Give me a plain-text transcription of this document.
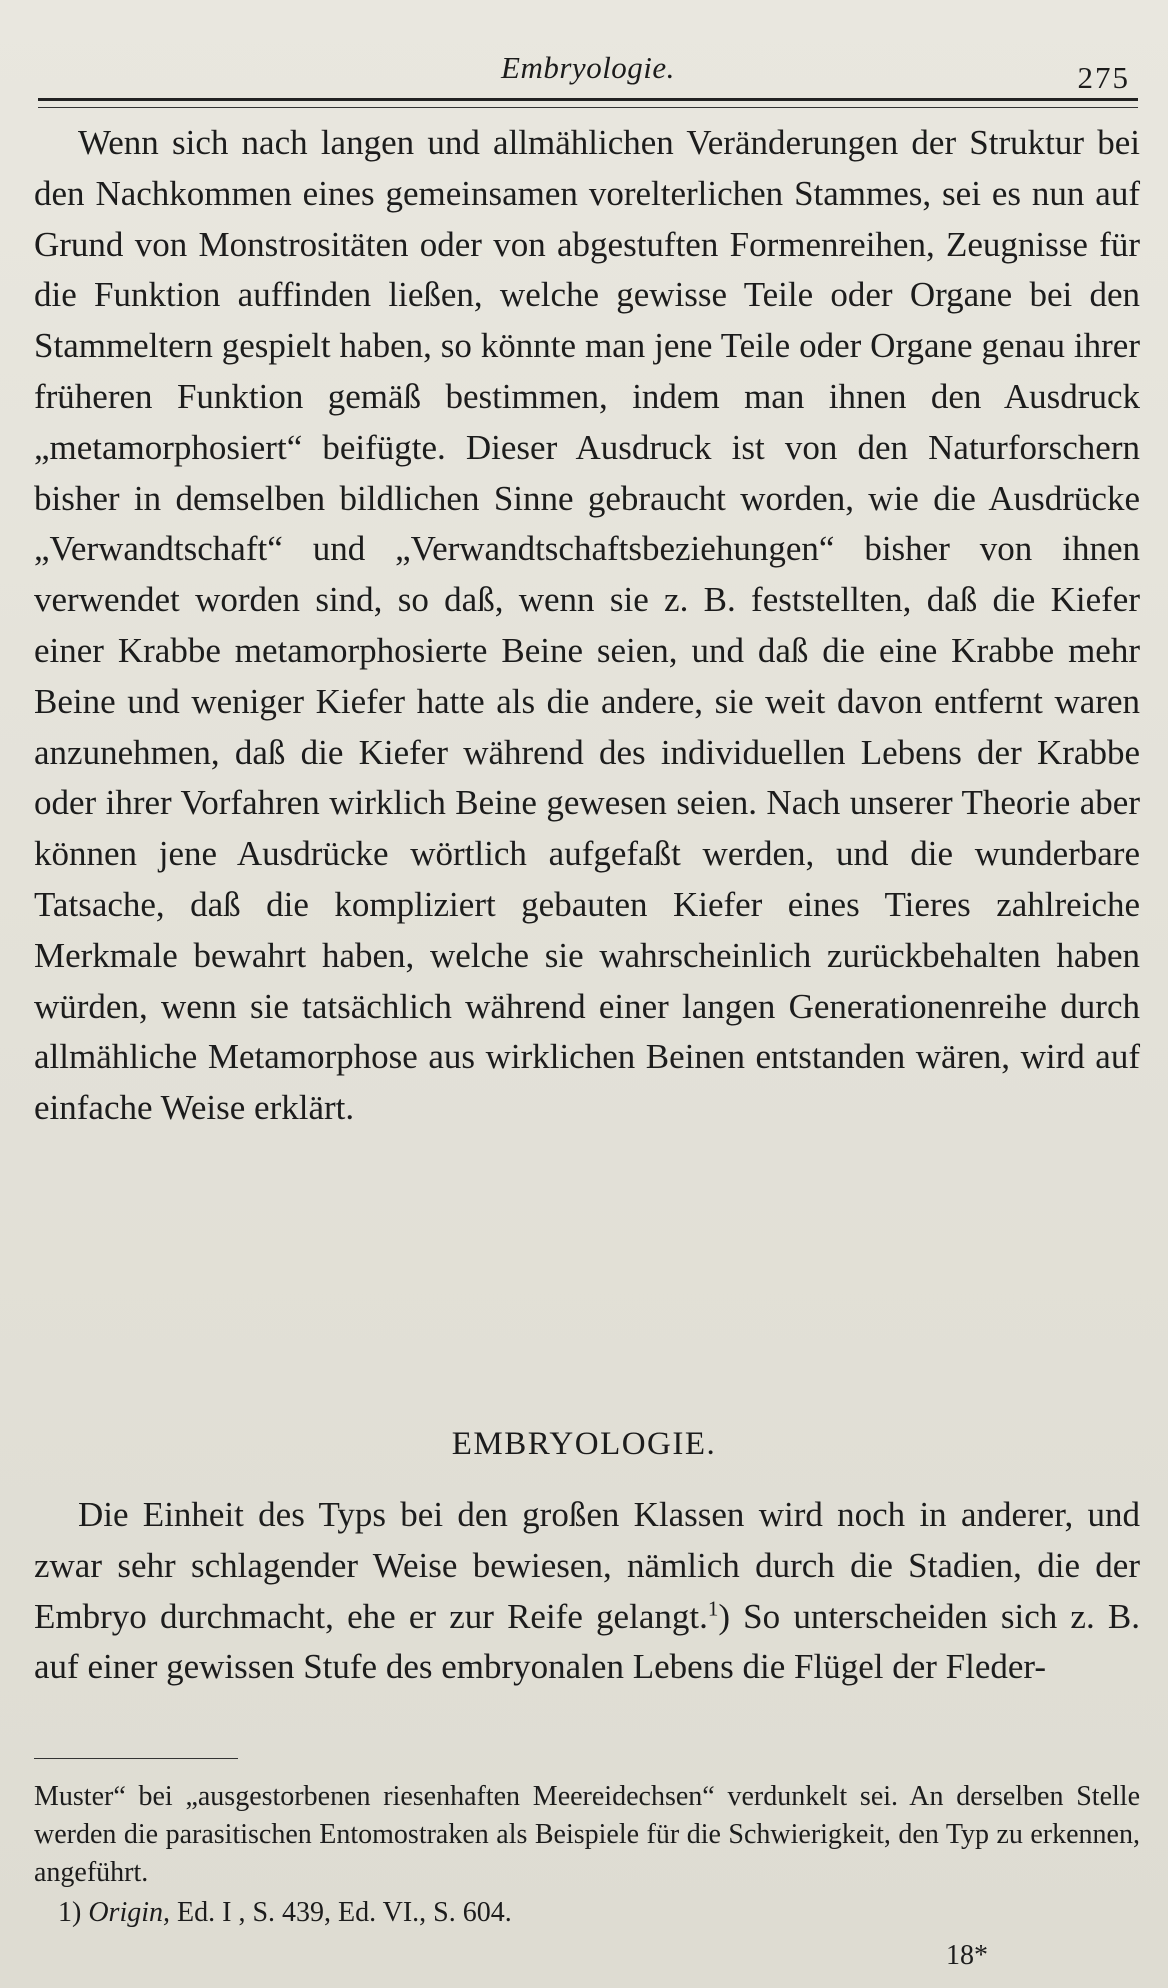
Embryologie.	275

Wenn sich nach langen und allmählichen Veränderungen der Struktur bei den Nachkommen eines gemeinsamen vorelterlichen Stammes, sei es nun auf Grund von Monstrositäten oder von abgestuften Formenreihen, Zeugnisse für die Funktion auffinden ließen, welche gewisse Teile oder Organe bei den Stammeltern gespielt haben, so könnte man jene Teile oder Organe genau ihrer früheren Funktion gemäß bestimmen, indem man ihnen den Ausdruck „metamorphosiert“ beifügte. Dieser Ausdruck ist von den Naturforschern bisher in demselben bildlichen Sinne gebraucht worden, wie die Ausdrücke „Verwandtschaft“ und „Verwandtschaftsbeziehungen“ bisher von ihnen verwendet worden sind, so daß, wenn sie z. B. feststellten, daß die Kiefer einer Krabbe metamorphosierte Beine seien, und daß die eine Krabbe mehr Beine und weniger Kiefer hatte als die andere, sie weit davon entfernt waren anzunehmen, daß die Kiefer während des individuellen Lebens der Krabbe oder ihrer Vorfahren wirklich Beine gewesen seien. Nach unserer Theorie aber können jene Ausdrücke wörtlich aufgefaßt werden, und die wunderbare Tatsache, daß die kompliziert gebauten Kiefer eines Tieres zahlreiche Merkmale bewahrt haben, welche sie wahrscheinlich zurückbehalten haben würden, wenn sie tatsächlich während einer langen Generationenreihe durch allmähliche Metamorphose aus wirklichen Beinen entstanden wären, wird auf einfache Weise erklärt.

EMBRYOLOGIE.

Die Einheit des Typs bei den großen Klassen wird noch in anderer, und zwar sehr schlagender Weise bewiesen, nämlich durch die Stadien, die der Embryo durchmacht, ehe er zur Reife gelangt.$^1$) So unterscheiden sich z. B. auf einer gewissen Stufe des embryonalen Lebens die Flügel der Fleder-

Muster“ bei „ausgestorbenen riesenhaften Meereidechsen“ verdunkelt sei. An derselben Stelle werden die parasitischen Entomostraken als Beispiele für die Schwierigkeit, den Typ zu erkennen, angeführt.

1) Origin, Ed. I , S. 439, Ed. VI., S. 604.

18*
